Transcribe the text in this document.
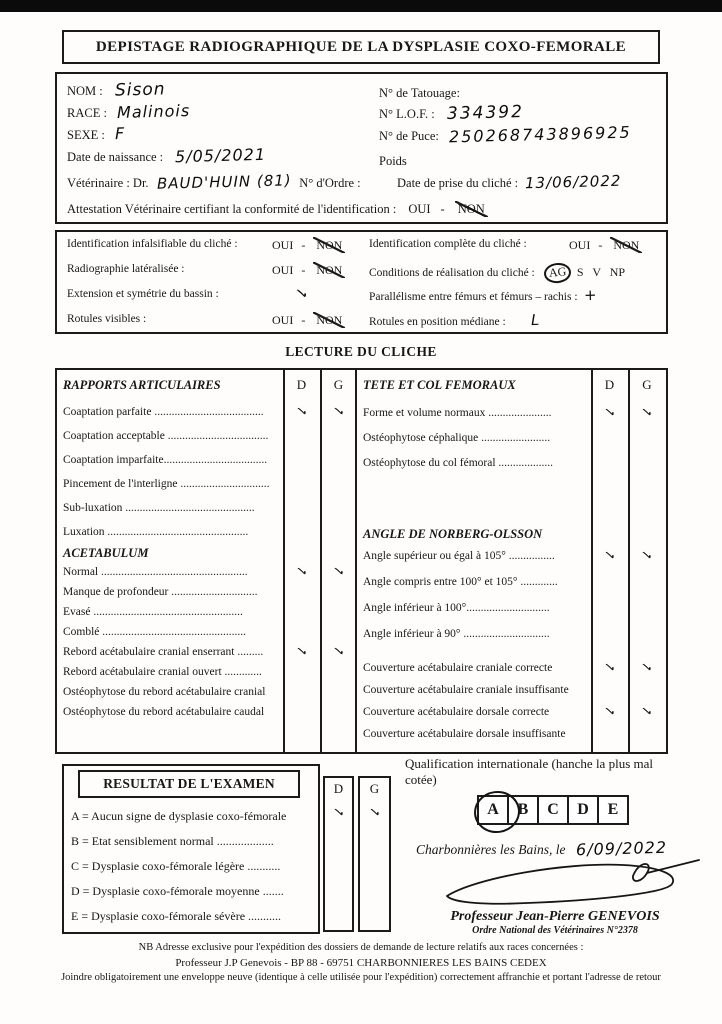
DEPISTAGE RADIOGRAPHIQUE DE LA DYSPLASIE COXO-FEMORALE
NOM : Sison
RACE : Malinois
SEXE : F
Date de naissance : 5/05/2021
Vétérinaire : Dr. BAUD'HUIN (81) N° d'Ordre :	Date de prise du cliché : 13/06/2022
Attestation Vétérinaire certifiant la conformité de l'identification : OUI - NON
N° de Tatouage:
N° L.O.F. : 334392
N° de Puce: 250268743896925
Poids
Identification infalsifiable du cliché :	OUI - NON
Radiographie latéralisée :	OUI - NON
Extension et symétrie du bassin :	✓
Rotules visibles :	OUI - NON
Identification complète du cliché :	OUI - NON
Conditions de réalisation du cliché : AG  S   V   NP
Parallélisme entre fémurs et fémurs – rachis : +
Rotules en position médiane : L
LECTURE DU CLICHE
RAPPORTS ARTICULAIRES	D	G
Coaptation parfaite ......................................	✓	✓
Coaptation acceptable ...................................
Coaptation imparfaite....................................
Pincement de l'interligne ...............................
Sub-luxation .............................................
Luxation .................................................
ACETABULUM
Normal ...................................................	✓	✓
Manque de profondeur ..............................
Evasé ....................................................
Comblé ..................................................
Rebord acétabulaire cranial enserrant .........	✓	✓
Rebord acétabulaire cranial ouvert .............
Ostéophytose du rebord acétabulaire cranial
Ostéophytose du rebord acétabulaire caudal
TETE ET COL FEMORAUX	D	G
Forme et volume normaux ......................	✓	✓
Ostéophytose céphalique ........................
Ostéophytose du col fémoral ...................
ANGLE DE NORBERG-OLSSON
Angle supérieur ou égal à 105° ................	✓	✓
Angle compris entre 100° et 105° .............
Angle inférieur à 100°.............................
Angle inférieur à 90° ..............................
Couverture acétabulaire craniale correcte	✓	✓
Couverture acétabulaire craniale insuffisante
Couverture acétabulaire dorsale correcte	✓	✓
Couverture acétabulaire dorsale insuffisante
RESULTAT DE L'EXAMEN
A = Aucun signe de dysplasie coxo-fémorale
B = Etat sensiblement normal ...................
C = Dysplasie coxo-fémorale légère ...........
D = Dysplasie coxo-fémorale moyenne .......
E = Dysplasie coxo-fémorale sévère ...........
D
✓
G
✓
Qualification internationale (hanche la plus mal cotée)
A	B	C	D	E
Charbonnières les Bains, le 6/09/2022
Professeur Jean-Pierre GENEVOIS
Ordre National des Vétérinaires N°2378
NB Adresse exclusive pour l'expédition des dossiers de demande de lecture relatifs aux races concernées :
Professeur J.P Genevois - BP 88 - 69751 CHARBONNIERES LES BAINS CEDEX
Joindre obligatoirement une enveloppe neuve (identique à celle utilisée pour l'expédition) correctement affranchie et portant l'adresse de retour
